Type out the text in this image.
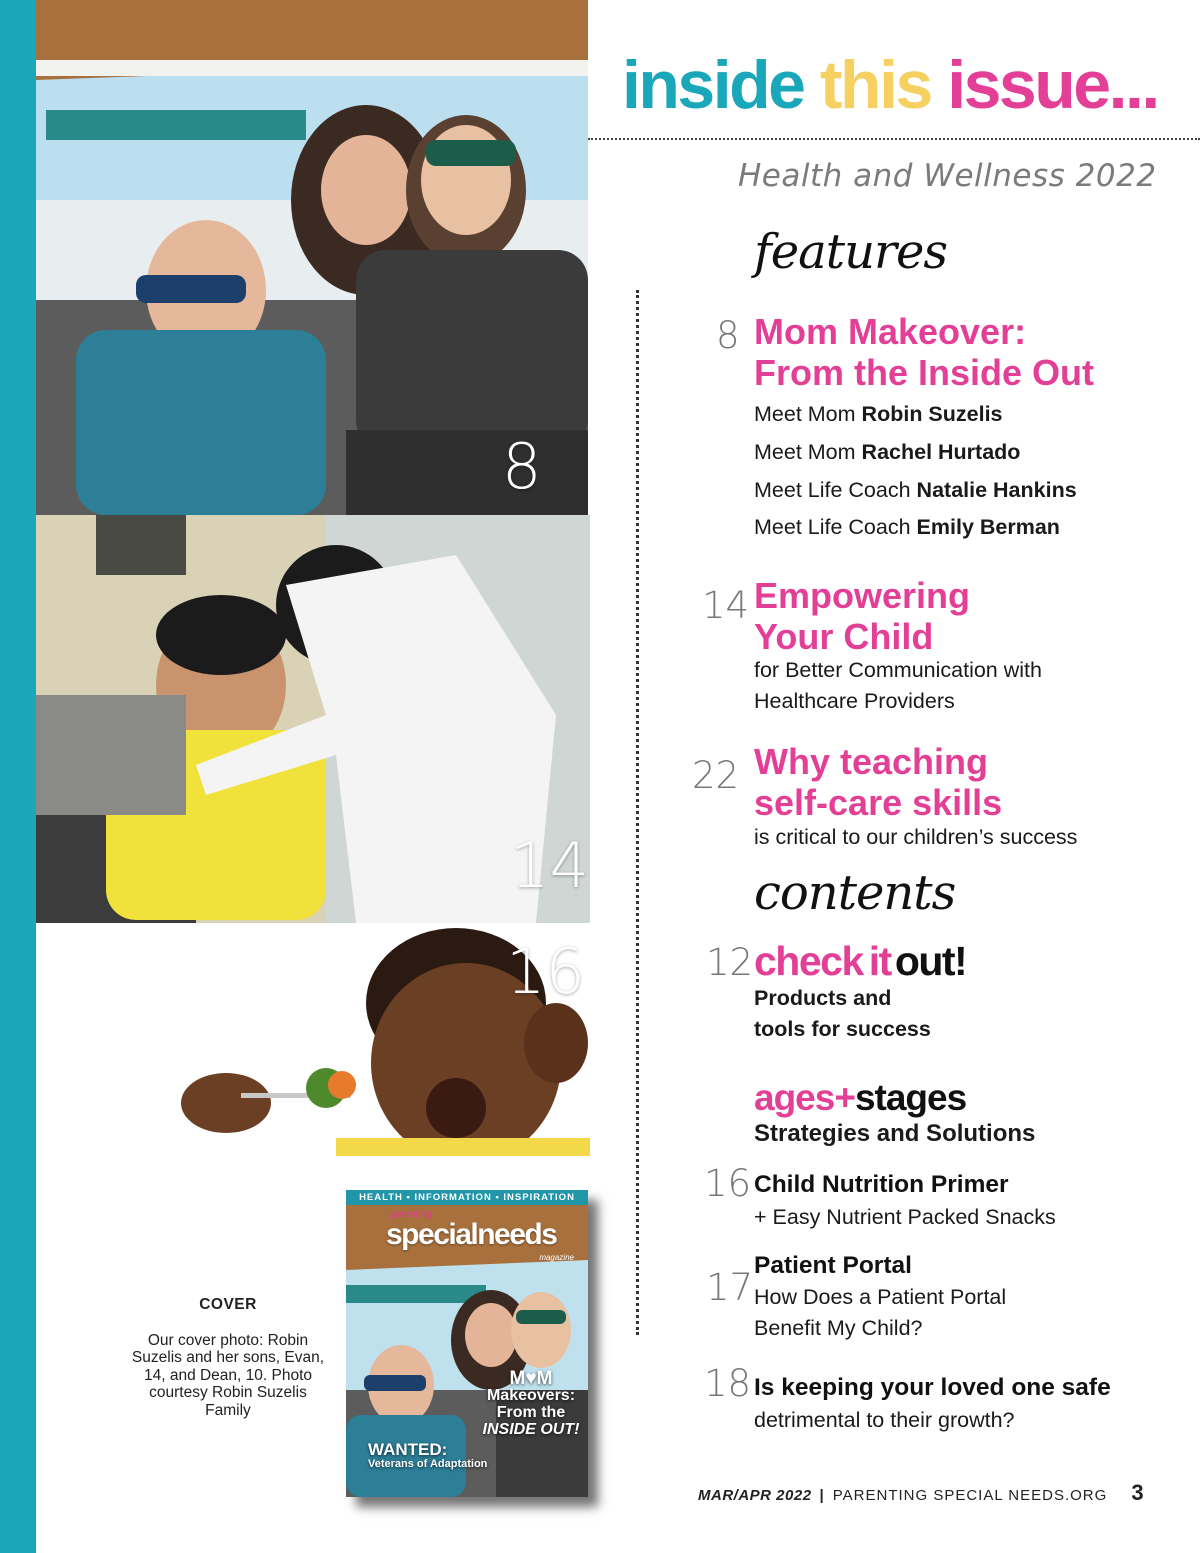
8
14
16
COVER
Our cover photo: Robin Suzelis and her sons, Evan, 14, and Dean, 10. Photo courtesy Robin Suzelis Family
HEALTH • INFORMATION • INSPIRATION
parenting
specialneeds
magazine
M♥M
Makeovers:
From the
INSIDE OUT!
WANTED:
Veterans of Adaptation
inside this issue...
Health and Wellness 2022
features
8 Mom Makeover:
From the Inside Out
Meet Mom Robin Suzelis
Meet Mom Rachel Hurtado
Meet Life Coach Natalie Hankins
Meet Life Coach Emily Berman
14 Empowering
Your Child
for Better Communication with
Healthcare Providers
22 Why teaching
self-care skills
is critical to our children’s success
contents
12 check itout!
Products and
tools for success
ages+stages
Strategies and Solutions
16 Child Nutrition Primer
+ Easy Nutrient Packed Snacks
17
Patient Portal
How Does a Patient Portal
Benefit My Child?
18 Is keeping your loved one safe
detrimental to their growth?
MAR/APR 2022 | PARENTING SPECIAL NEEDS.ORG 3
